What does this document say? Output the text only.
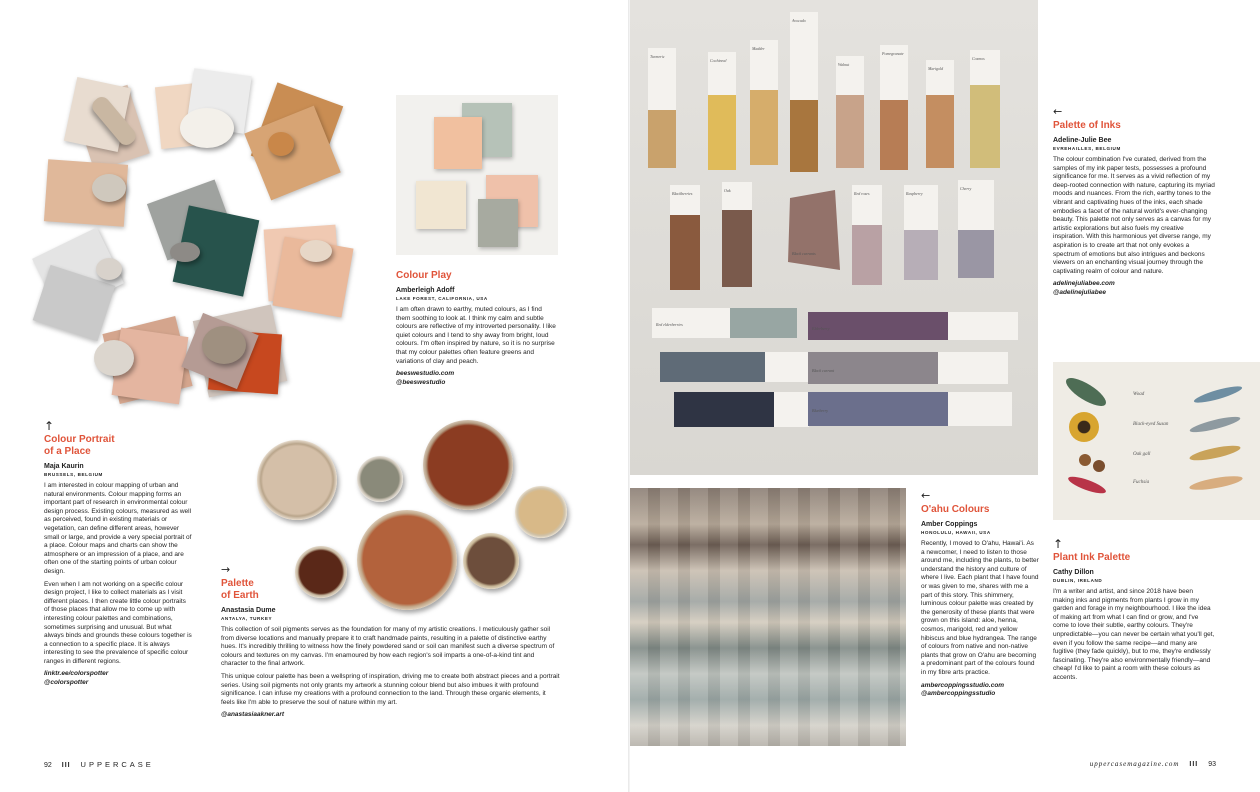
Turmeric
Cochineal
Madder
Avocado
Walnut
Pomegranate
Marigold
Cosmos
Blackberries
Oak
Black currants
Red roses	Raspberry
Cherry
Red elderberries
Elderberry
Black currant
Blueberry
Woad
Black-eyed Susan
Oak gall
Fuchsia
↑
Colour Portrait
of a Place
Maja Kaurin
BRUSSELS, BELGIUM

I am interested in colour mapping of urban and natural environments. Colour mapping forms an important part of research in environmental colour design process. Existing colours, measured as well as perceived, found in existing materials or vegetation, can define different areas, however small or large, and provide a very special portrait of a place. Colour maps and charts can show the atmosphere or an impression of a place, and are often one of the starting points of urban colour design.

Even when I am not working on a specific colour design project, I like to collect materials as I visit different places. I then create little colour portraits of those places that allow me to come up with interesting colour palettes and combinations, sometimes surprising and unusual. But what always binds and grounds these colours together is a connection to a specific place. It is always interesting to see the prevalence of specific colour ranges in different regions.

linktr.ee/colorspotter
@colorspotter
Colour Play
Amberleigh Adoff
LAKE FOREST, CALIFORNIA, USA

I am often drawn to earthy, muted colours, as I find them soothing to look at. I think my calm and subtle colours are reflective of my introverted personality. I like quiet colours and I tend to shy away from bright, loud colours. I'm often inspired by nature, so it is no surprise that my colour palettes often feature greens and variations of clay and peach.

beeswestudio.com
@beeswestudio
→
Palette
of Earth
Anastasia Dume
ANTALYA, TURKEY

This collection of soil pigments serves as the foundation for many of my artistic creations. I meticulously gather soil from diverse locations and manually prepare it to craft handmade paints, resulting in a palette of distinctive earthy hues. It's incredibly thrilling to witness how the finely powdered sand or soil can manifest such a diverse spectrum of colours and textures on my canvas. I'm enamoured by how each region's soil imparts a one-of-a-kind tint and character to the final artwork.

This unique colour palette has been a wellspring of inspiration, driving me to create both abstract pieces and a portrait series. Using soil pigments not only grants my artwork a stunning colour blend but also imbues it with profound significance. I can infuse my creations with a profound connection to the land. Through these organic elements, it feels like I'm able to preserve the soul of nature within my art.

@anastasiaakner.art
←
Palette of Inks
Adeline-Julie Bee
EVREHAILLES, BELGIUM

The colour combination I've curated, derived from the samples of my ink paper tests, possesses a profound significance for me. It serves as a vivid reflection of my deep-rooted connection with nature, capturing its myriad moods and nuances. From the rich, earthy tones to the vibrant and captivating hues of the inks, each shade embodies a facet of the natural world's ever-changing beauty. This palette not only serves as a canvas for my artistic explorations but also fuels my creative inspiration. With this harmonious yet diverse range, my aspiration is to create art that not only evokes a spectrum of emotions but also intrigues and beckons viewers on an enchanting visual journey through the captivating realm of colour and nature.

adelinejuliabee.com
@adelinejuliabee
←
O'ahu Colours
Amber Coppings
HONOLULU, HAWAII, USA

Recently, I moved to O'ahu, Hawai'i. As a newcomer, I need to listen to those around me, including the plants, to better understand the history and culture of where I live. Each plant that I have found or was given to me, shares with me a part of this story. This shimmery, luminous colour palette was created by the generosity of these plants that were grown on this island: aloe, henna, cosmos, marigold, red and yellow hibiscus and blue hydrangea. The range of colours from native and non-native plants that grow on O'ahu are becoming a predominant part of the colours found in my fibre arts practice.

ambercoppingsstudio.com
@ambercoppingsstudio
↑
Plant Ink Palette
Cathy Dillon
DUBLIN, IRELAND

I'm a writer and artist, and since 2018 have been making inks and pigments from plants I grow in my garden and forage in my neighbourhood. I like the idea of making art from what I can find or grow, and I've come to love their subtle, earthy colours. They're unpredictable—you can never be certain what you'll get, even if you follow the same recipe—and many are fugitive (they fade quickly), but to me, they're endlessly fascinating. They're also environmentally friendly—and cheap! I'd like to paint a room with these colours as accents.

92 III UPPERCASE	uppercasemagazine.com III 93
